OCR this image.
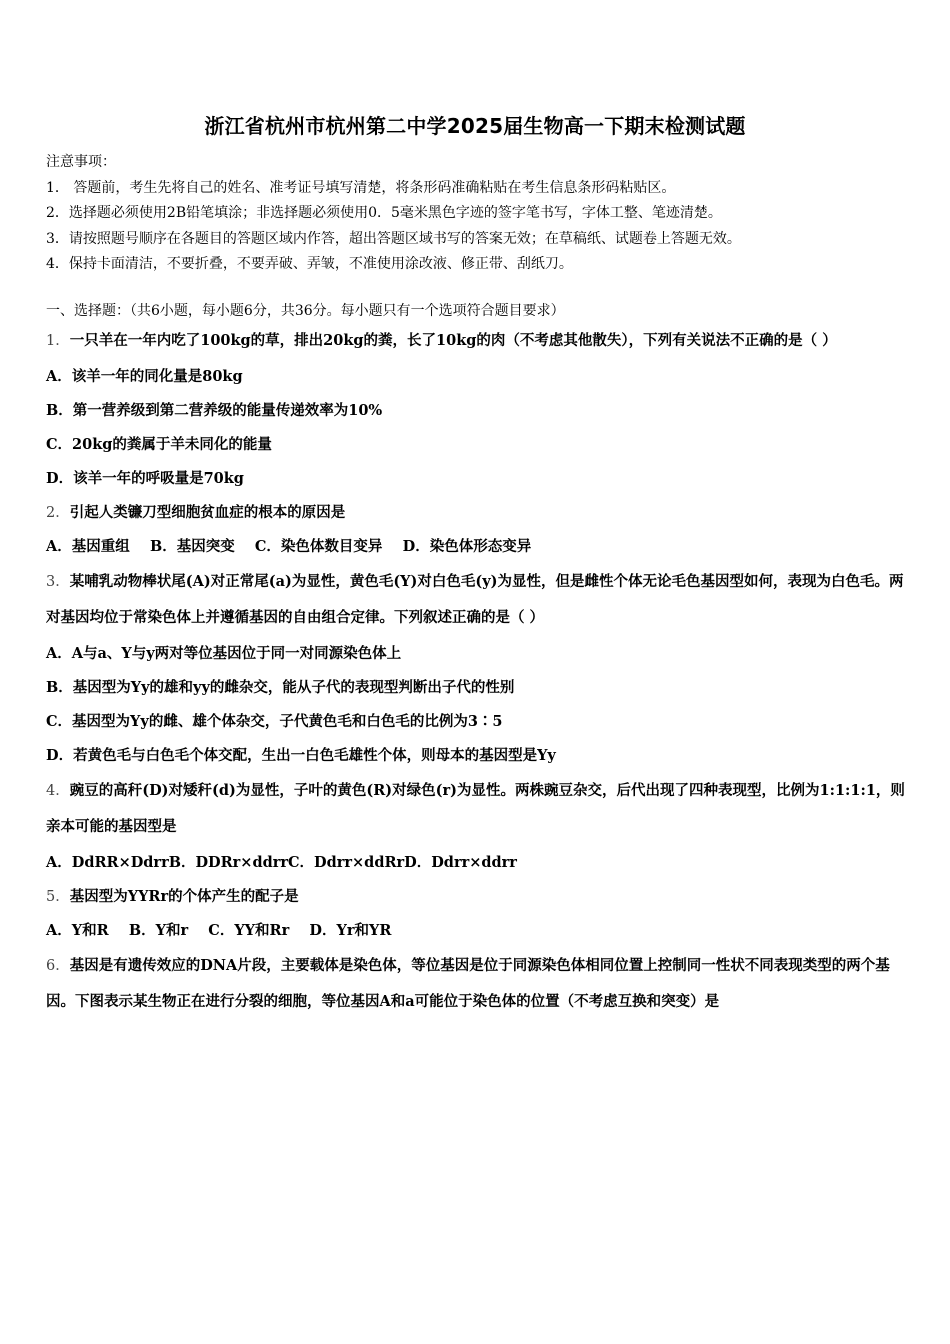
浙江省杭州市杭州第二中学2025届生物高一下期末检测试题
注意事项：
1． 答题前，考生先将自己的姓名、准考证号填写清楚，将条形码准确粘贴在考生信息条形码粘贴区。
2．选择题必须使用2B铅笔填涂；非选择题必须使用0．5毫米黑色字迹的签字笔书写，字体工整、笔迹清楚。
3．请按照题号顺序在各题目的答题区域内作答，超出答题区域书写的答案无效；在草稿纸、试题卷上答题无效。
4．保持卡面清洁，不要折叠，不要弄破、弄皱，不准使用涂改液、修正带、刮纸刀。
一、选择题：（共6小题，每小题6分，共36分。每小题只有一个选项符合题目要求）
1．一只羊在一年内吃了100kg的草，排出20kg的粪，长了10kg的肉（不考虑其他散失），下列有关说法不正确的是（ ）
A．该羊一年的同化量是80kg
B．第一营养级到第二营养级的能量传递效率为10%
C．20kg的粪属于羊未同化的能量
D．该羊一年的呼吸量是70kg
2．引起人类镰刀型细胞贫血症的根本的原因是
A．基因重组    B．基因突变    C．染色体数目变异    D．染色体形态变异
3．某哺乳动物棒状尾(A)对正常尾(a)为显性，黄色毛(Y)对白色毛(y)为显性，但是雌性个体无论毛色基因型如何，表现为白色毛。两对基因均位于常染色体上并遵循基因的自由组合定律。下列叙述正确的是（ ）
A．A与a、Y与y两对等位基因位于同一对同源染色体上
B．基因型为Yy的雄和yy的雌杂交，能从子代的表现型判断出子代的性别
C．基因型为Yy的雌、雄个体杂交，子代黄色毛和白色毛的比例为3∶5
D．若黄色毛与白色毛个体交配，生出一白色毛雄性个体，则母本的基因型是Yy
4．豌豆的高秆(D)对矮秆(d)为显性，子叶的黄色(R)对绿色(r)为显性。两株豌豆杂交，后代出现了四种表现型，比例为1:1:1:1，则亲本可能的基因型是
A．DdRR×DdrrB．DDRr×ddrrC．Ddrr×ddRrD．Ddrr×ddrr
5．基因型为YYRr的个体产生的配子是
A．Y和R    B．Y和r    C．YY和Rr    D．Yr和YR
6．基因是有遗传效应的DNA片段，主要载体是染色体，等位基因是位于同源染色体相同位置上控制同一性状不同表现类型的两个基因。下图表示某生物正在进行分裂的细胞，等位基因A和a可能位于染色体的位置（不考虑互换和突变）是
